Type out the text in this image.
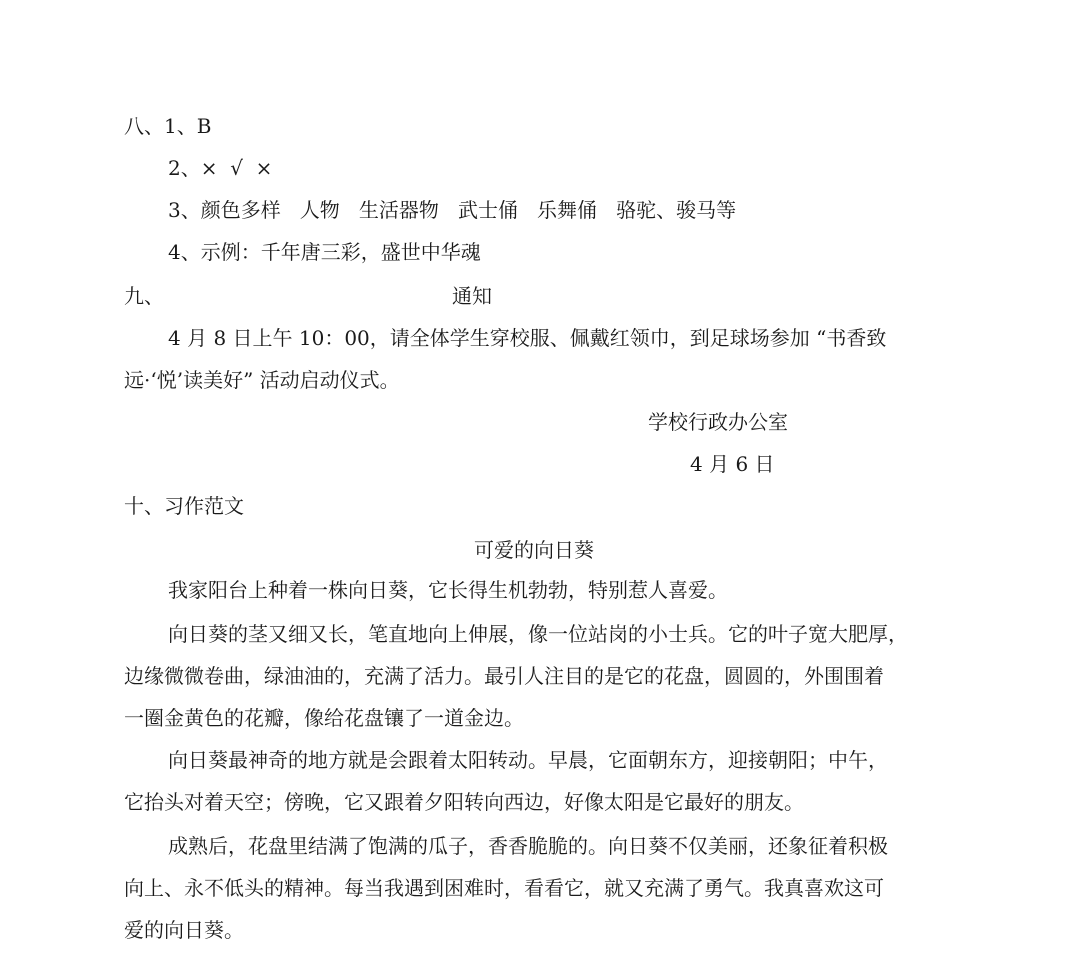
八、1、B
2、×  √  ×
3、颜色多样   人物   生活器物   武士俑   乐舞俑   骆驼、骏马等
4、示例：千年唐三彩，盛世中华魂
九、	通知
4 月 8 日上午 10：00，请全体学生穿校服、佩戴红领巾，到足球场参加 “书香致
远·‘悦’读美好” 活动启动仪式。
学校行政办公室
4 月 6 日
十、习作范文
可爱的向日葵
我家阳台上种着一株向日葵，它长得生机勃勃，特别惹人喜爱。
向日葵的茎又细又长，笔直地向上伸展，像一位站岗的小士兵。它的叶子宽大肥厚，
边缘微微卷曲，绿油油的，充满了活力。最引人注目的是它的花盘，圆圆的，外围围着
一圈金黄色的花瓣，像给花盘镶了一道金边。
向日葵最神奇的地方就是会跟着太阳转动。早晨，它面朝东方，迎接朝阳；中午，
它抬头对着天空；傍晚，它又跟着夕阳转向西边，好像太阳是它最好的朋友。
成熟后，花盘里结满了饱满的瓜子，香香脆脆的。向日葵不仅美丽，还象征着积极
向上、永不低头的精神。每当我遇到困难时，看看它，就又充满了勇气。我真喜欢这可
爱的向日葵。
